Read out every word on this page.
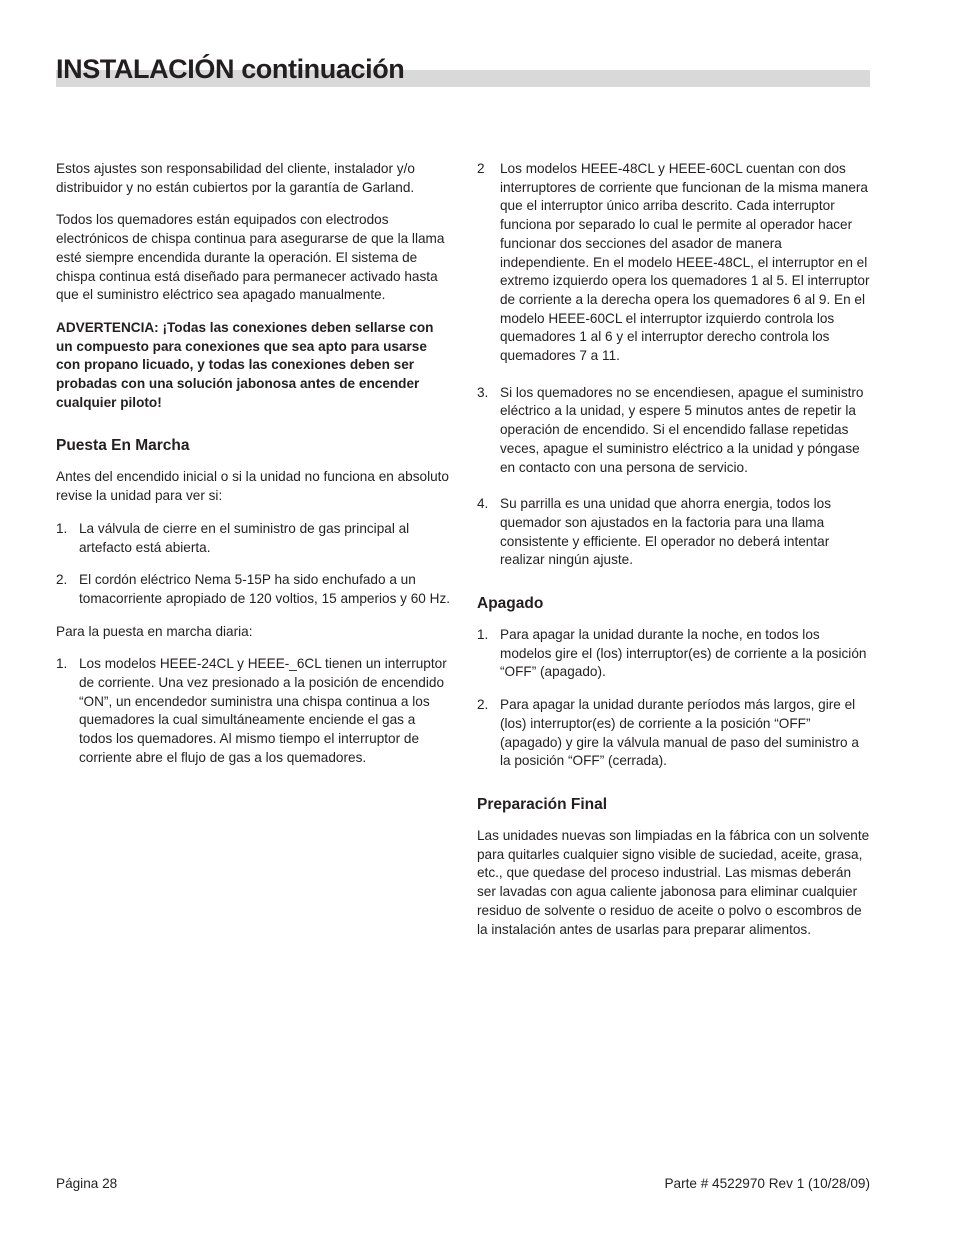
INSTALACIÓN continuación

Estos ajustes son responsabilidad del cliente, instalador y/o distribuidor y no están cubiertos por la garantía de Garland.

Todos los quemadores están equipados con electrodos electrónicos de chispa continua para asegurarse de que la llama esté siempre encendida durante la operación. El sistema de chispa continua está diseñado para permanecer activado hasta que el suministro eléctrico sea apagado manualmente.

ADVERTENCIA: ¡Todas las conexiones deben sellarse con un compuesto para conexiones que sea apto para usarse con propano licuado, y todas las conexiones deben ser probadas con una solución jabonosa antes de encender cualquier piloto!

Puesta En Marcha

Antes del encendido inicial o si la unidad no funciona en absoluto revise la unidad para ver si:

1. La válvula de cierre en el suministro de gas principal al artefacto está abierta.
2. El cordón eléctrico Nema 5-15P ha sido enchufado a un tomacorriente apropiado de 120 voltios, 15 amperios y 60 Hz.

Para la puesta en marcha diaria:

1. Los modelos HEEE-24CL y HEEE-_6CL tienen un interruptor de corriente. Una vez presionado a la posición de encendido “ON”, un encendedor suministra una chispa continua a los quemadores la cual simultáneamente enciende el gas a todos los quemadores. Al mismo tiempo el interruptor de corriente abre el flujo de gas a los quemadores.
2 Los modelos HEEE-48CL y HEEE-60CL cuentan con dos interruptores de corriente que funcionan de la misma manera que el interruptor único arriba descrito. Cada interruptor funciona por separado lo cual le permite al operador hacer funcionar dos secciones del asador de manera independiente. En el modelo HEEE-48CL, el interruptor en el extremo izquierdo opera los quemadores 1 al 5. El interruptor de corriente a la derecha opera los quemadores 6 al 9. En el modelo HEEE-60CL el interruptor izquierdo controla los quemadores 1 al 6 y el interruptor derecho controla los quemadores 7 a 11.
3. Si los quemadores no se encendiesen, apague el suministro eléctrico a la unidad, y espere 5 minutos antes de repetir la operación de encendido. Si el encendido fallase repetidas veces, apague el suministro eléctrico a la unidad y póngase en contacto con una persona de servicio.
4. Su parrilla es una unidad que ahorra energia, todos los quemador son ajustados en la factoria para una llama consistente y efficiente. El operador no deberá intentar realizar ningún ajuste.
Apagado
1. Para apagar la unidad durante la noche, en todos los modelos gire el (los) interruptor(es) de corriente a la posición “OFF” (apagado).
2. Para apagar la unidad durante períodos más largos, gire el (los) interruptor(es) de corriente a la posición “OFF” (apagado) y gire la válvula manual de paso del suministro a la posición “OFF” (cerrada).
Preparación Final

Las unidades nuevas son limpiadas en la fábrica con un solvente para quitarles cualquier signo visible de suciedad, aceite, grasa, etc., que quedase del proceso industrial. Las mismas deberán ser lavadas con agua caliente jabonosa para eliminar cualquier residuo de solvente o residuo de aceite o polvo o escombros de la instalación antes de usarlas para preparar alimentos.

Página 28	Parte # 4522970 Rev 1 (10/28/09)
